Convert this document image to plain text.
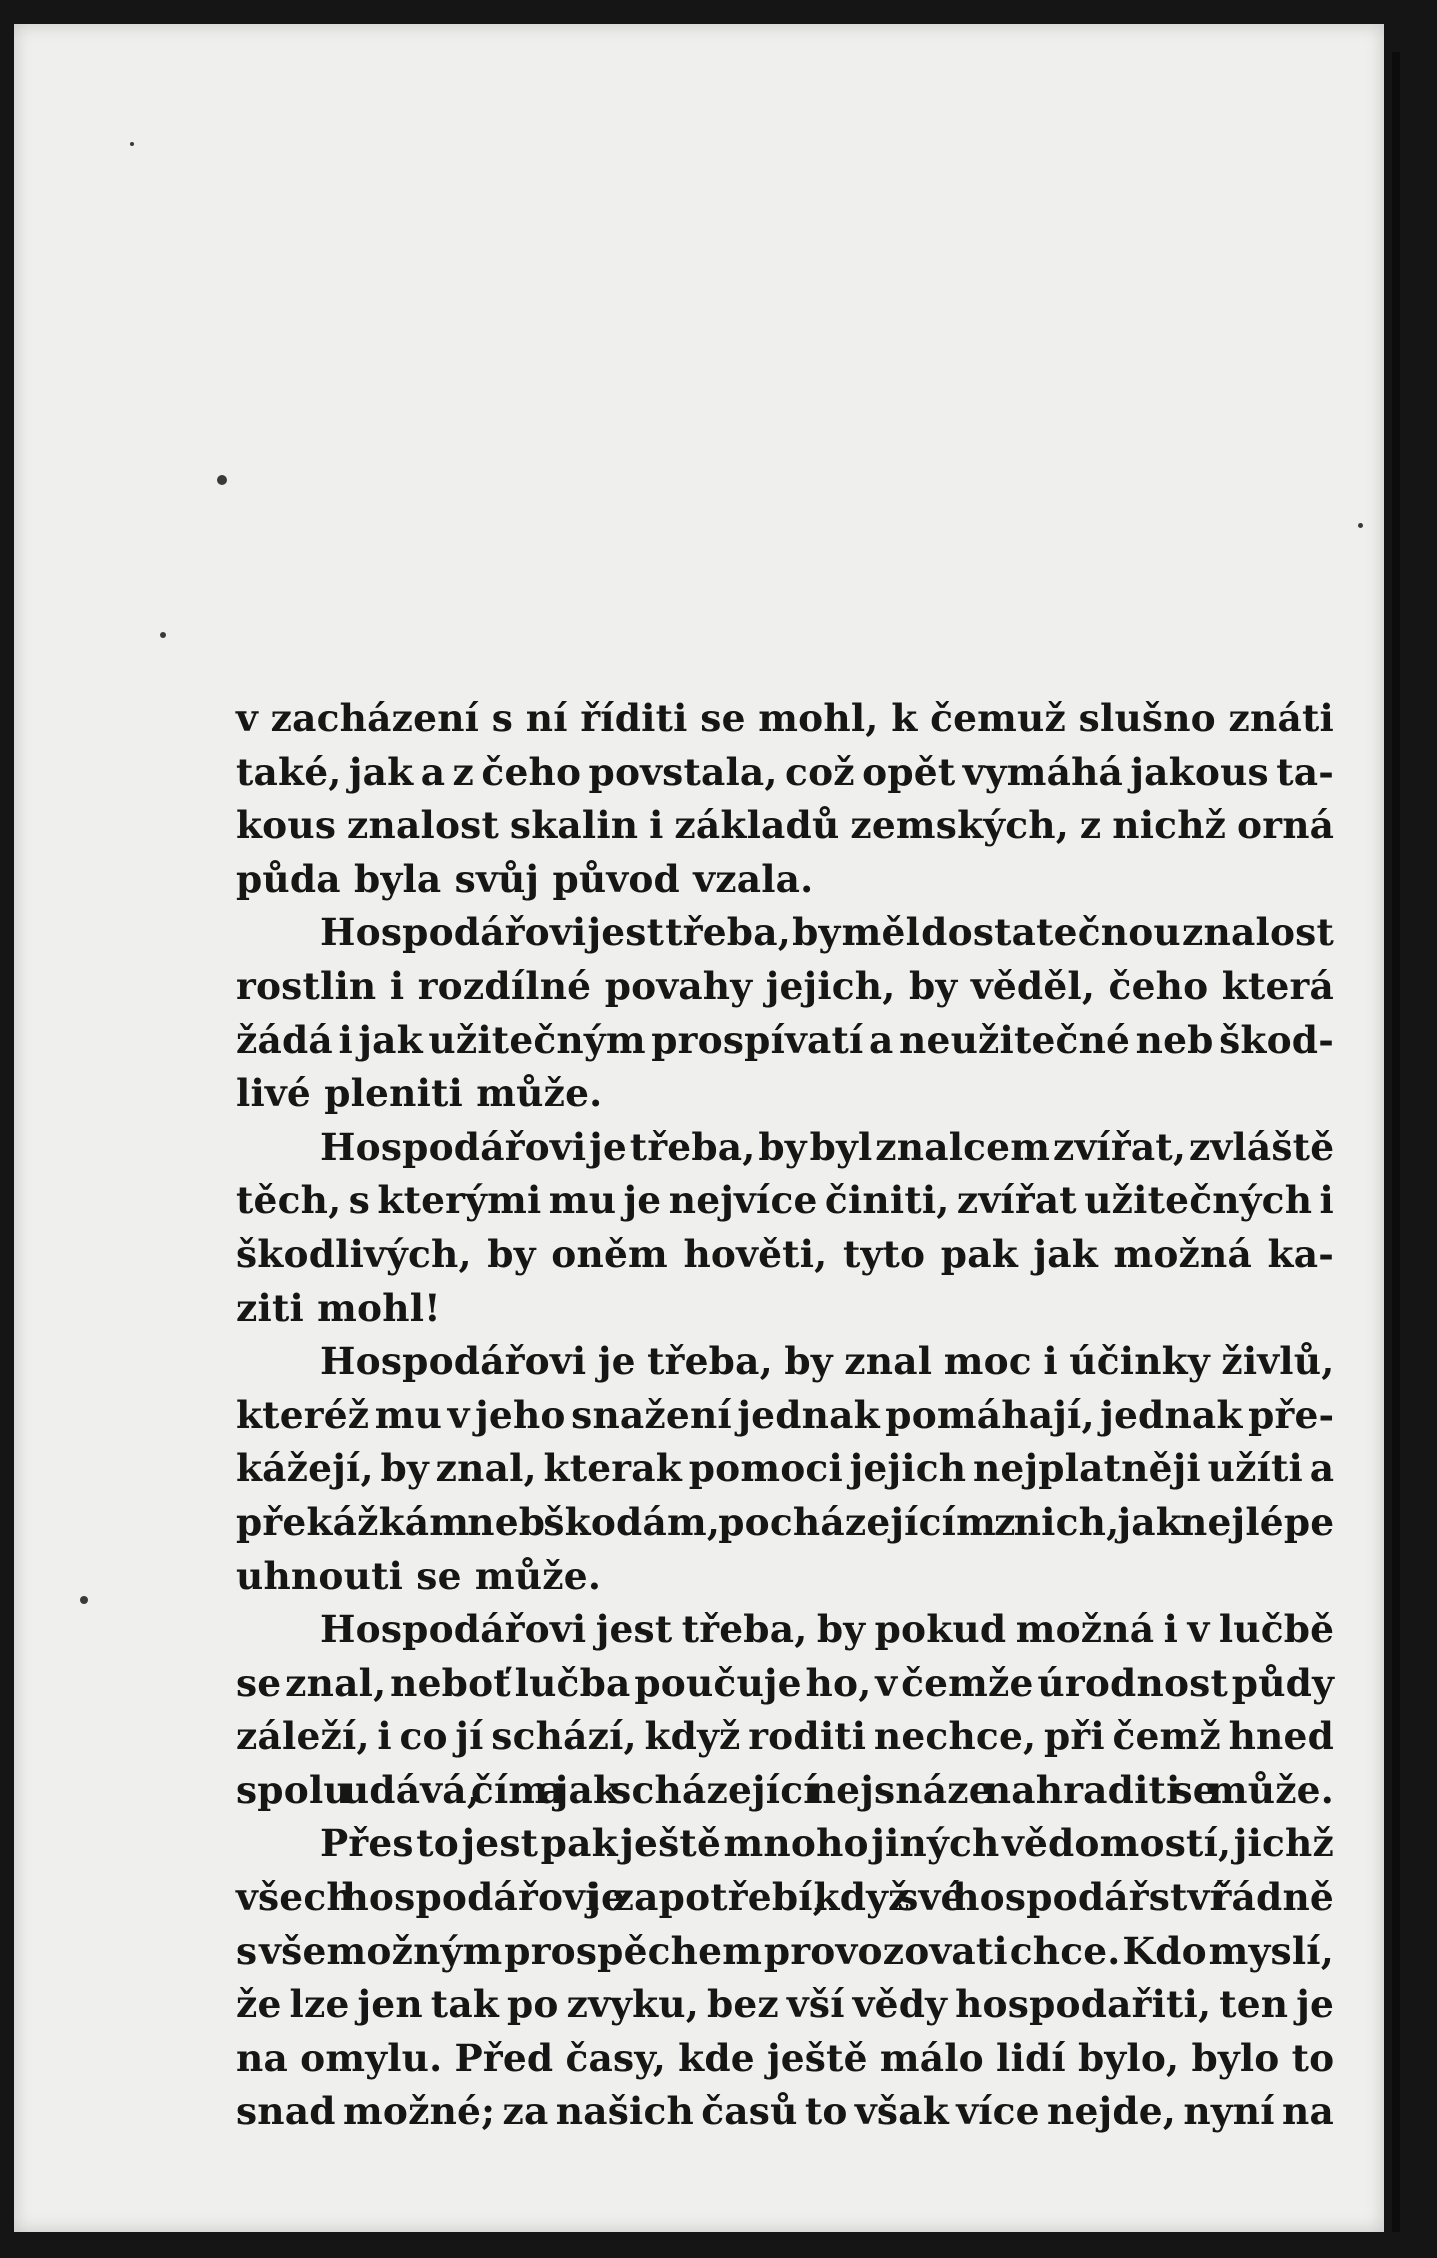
v zacházení s ní říditi se mohl, k čemuž slušno znáti
také, jak a z čeho povstala, což opět vymáhá jakous ta-
kous znalost skalin i základů zemských, z nichž orná
půda byla svůj původ vzala.
Hospodářovi jest třeba, by měl dostatečnou znalost
rostlin i rozdílné povahy jejich, by věděl, čeho která
žádá i jak užitečným prospívatí a neužitečné neb škod-
livé pleniti může.
Hospodářovi je třeba, by byl znalcem zvířat, zvláště
těch, s kterými mu je nejvíce činiti, zvířat užitečných i
škodlivých, by oněm hověti, tyto pak jak možná ka-
ziti mohl!
Hospodářovi je třeba, by znal moc i účinky živlů,
kteréž mu v jeho snažení jednak pomáhají, jednak pře-
kážejí, by znal, kterak pomoci jejich nejplatněji užíti a
překážkám neb škodám, pocházejícím z nich, jak nejlépe
uhnouti se může.
Hospodářovi jest třeba, by pokud možná i v lučbě
se znal, neboť lučba poučuje ho, v čemže úrodnost půdy
záleží, i co jí schází, když roditi nechce, při čemž hned
spolu udává, čím a jak scházející nejsnáze nahraditi se může.
Přes to jest pak ještě mnoho jiných vědomostí, jichž
všech hospodářovi je zapotřebí, když své hospodářství řádně
s všemožným prospěchem provozovati chce. Kdo myslí,
že lze jen tak po zvyku, bez vší vědy hospodařiti, ten je
na omylu. Před časy, kde ještě málo lidí bylo, bylo to
snad možné; za našich časů to však více nejde, nyní na
